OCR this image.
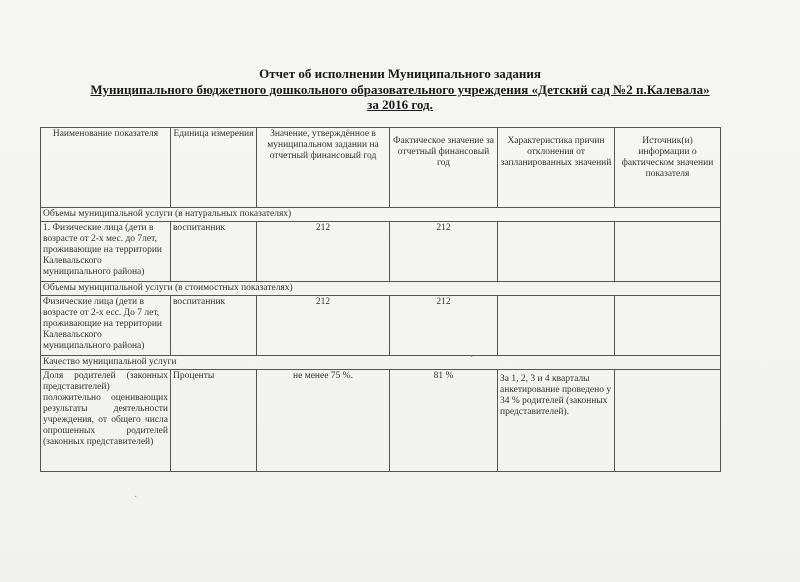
Отчет об исполнении Муниципального задания
Муниципального бюджетного дошкольного образовательного учреждения «Детский сад №2 п.Калевала»
за 2016 год.
Наименование показателя	Единица измерения	Значение, утверждённое в муниципальном задании на отчетный финансовый год	Фактическое значение за отчетный финансовый год	Характеристика причин отклонения от запланированных значений	Источник(и) информации о фактическом значении показателя
Объемы муниципальной услуги (в натуральных показателях)					
1. Физические лица (дети в возрасте от 2-х мес. до 7лет, проживающие на территории Калевальского муниципального района)	воспитанник	212	212		
Объемы муниципальной услуги (в стоимостных показателях)					
Физические лица (дети в возрасте от 2-х есс. До 7 лет, проживающие на территории Калевальского муниципального района)	воспитанник	212	212		
Качество муниципальной услуги					
Доля родителей (законных представителей) положительно оценивающих результаты деятельности учреждения, от общего числа опрошенных родителей (законных представителей)	Проценты	не менее 75 %.	81 %	За 1, 2, 3 и 4 кварталы анкетирование проведено у 34 % родителей (законных представителей).	
·
·
